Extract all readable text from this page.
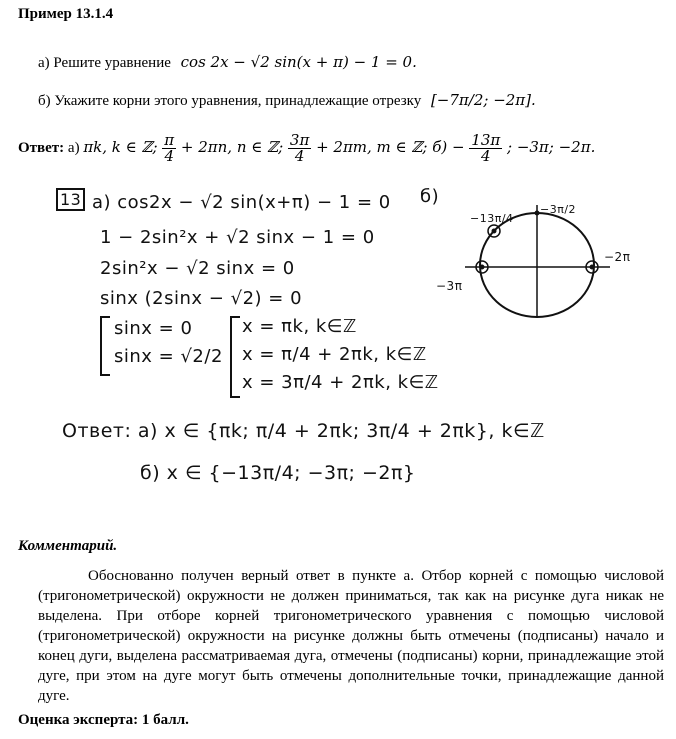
Пример 13.1.4
а) Решите уравнение cos 2x − √2 sin(x + π) − 1 = 0.
б) Укажите корни этого уравнения, принадлежащие отрезку [−7π/2; −2π].
Ответ: а) πk, k ∈ ℤ; $\frac{\pi}{4} + 2\pi n$, n ∈ ℤ; $\frac{3\pi}{4} + 2\pi m$, m ∈ ℤ; $б) - \frac{13\pi}{4}$ ; −3π; −2π.
13 а) cos2x − √2 sin(x+π) − 1 = 0
1 − 2sin²x + √2 sinx − 1 = 0
2sin²x − √2 sinx = 0
sinx (2sinx − √2) = 0
sinx = 0
sinx = √2/2
x = πk, k∈ℤ
x = π/4 + 2πk, k∈ℤ
x = 3π/4 + 2πk, k∈ℤ
Ответ: а) x ∈ {πk; π/4 + 2πk; 3π/4 + 2πk}, k∈ℤ
б) x ∈ {−13π/4; −3π; −2π}
б)
−13π/4
−3π/2
−2π
−3π
Комментарий.
Обоснованно получен верный ответ в пункте а. Отбор корней с помощью числовой (тригонометрической) окружности не должен приниматься, так как на рисунке дуга никак не выделена. При отборе корней тригонометрического уравнения с помощью числовой (тригонометрической) окружности на рисунке должны быть отмечены (подписаны) начало и конец дуги, выделена рассматриваемая дуга, отмечены (подписаны) корни, принадлежащие этой дуге, при этом на дуге могут быть отмечены дополнительные точки, принадлежащие данной дуге.
Оценка эксперта: 1 балл.
